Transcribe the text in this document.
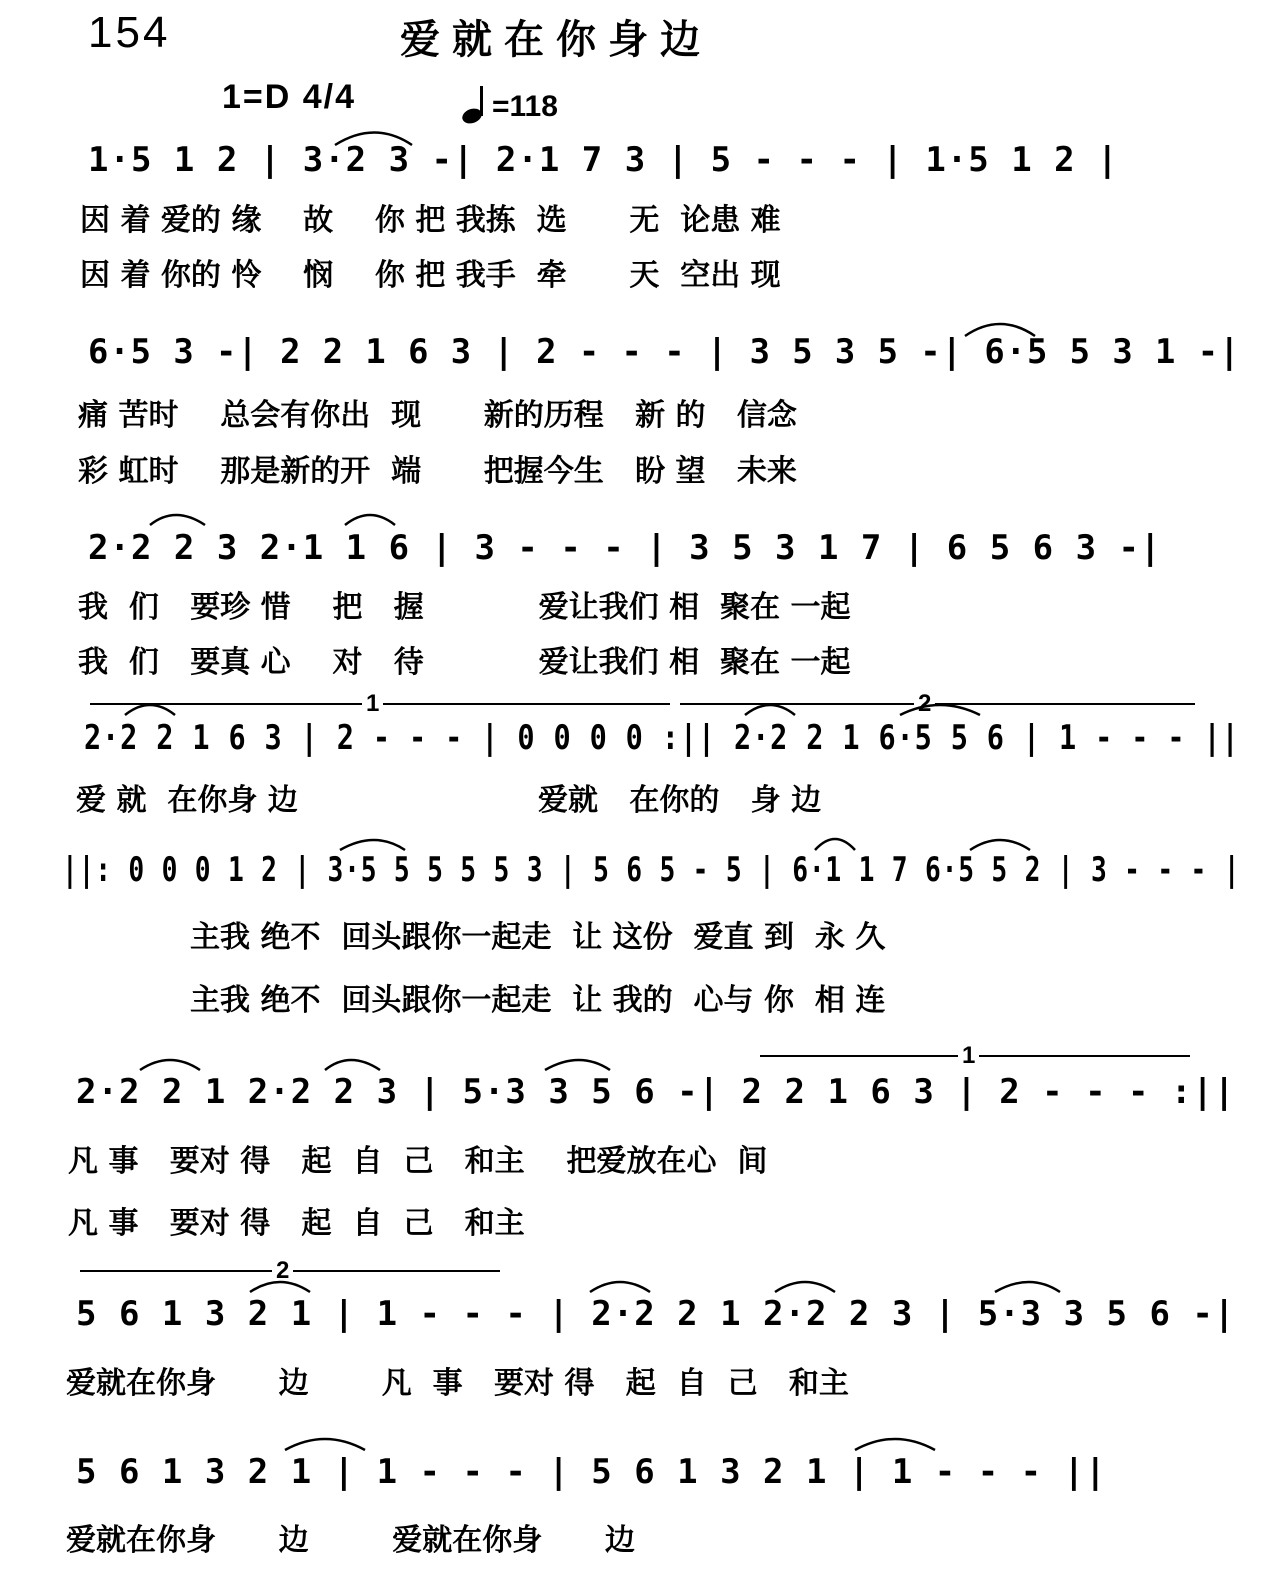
154	爱就在你身边
1=D 4/4	=118
1·5 1 2 | 3·2 3 -| 2·1 7 3 | 5 - - - | 1·5 1 2 |
因 着 爱的 缘    故    你 把 我拣  选      无  论患 难
因 着 你的 怜    悯    你 把 我手  牵      天  空出 现
6·5 3 -| 2 2 1 6 3 | 2 - - - | 3 5 3 5 -| 6·5 5 3 1 -|
痛 苦时    总会有你出  现      新的历程   新 的   信念
彩 虹时    那是新的开  端      把握今生   盼 望   未来
2·2 2 3 2·1 1 6 | 3 - - - | 3 5 3 1 7 | 6 5 6 3 -|
我  们   要珍 惜    把   握           爱让我们 相  聚在 一起
我  们   要真 心    对   待           爱让我们 相  聚在 一起
1	2
2·2 2 1 6 3 | 2 - - - | 0 0 0 0 :|| 2·2 2 1 6·5 5 6 | 1 - - - ||
爱 就  在你身 边                       爱就   在你的   身 边
||: 0 0 0 1 2 | 3·5 5 5 5 5 3 | 5 6 5 - 5 | 6·1 1 7 6·5 5 2 | 3 - - - |
主我 绝不  回头跟你一起走  让 这份  爱直 到  永 久
主我 绝不  回头跟你一起走  让 我的  心与 你  相 连
1
2·2 2 1 2·2 2 3 | 5·3 3 5 6 -| 2 2 1 6 3 | 2 - - - :||
凡 事   要对 得   起  自  己   和主    把爱放在心  间
凡 事   要对 得   起  自  己   和主
2
5 6 1 3 2 1 | 1 - - - | 2·2 2 1 2·2 2 3 | 5·3 3 5 6 -|
爱就在你身      边       凡  事   要对 得   起  自  己   和主
5 6 1 3 2 1 | 1 - - - | 5 6 1 3 2 1 | 1 - - - ||
爱就在你身      边        爱就在你身      边
